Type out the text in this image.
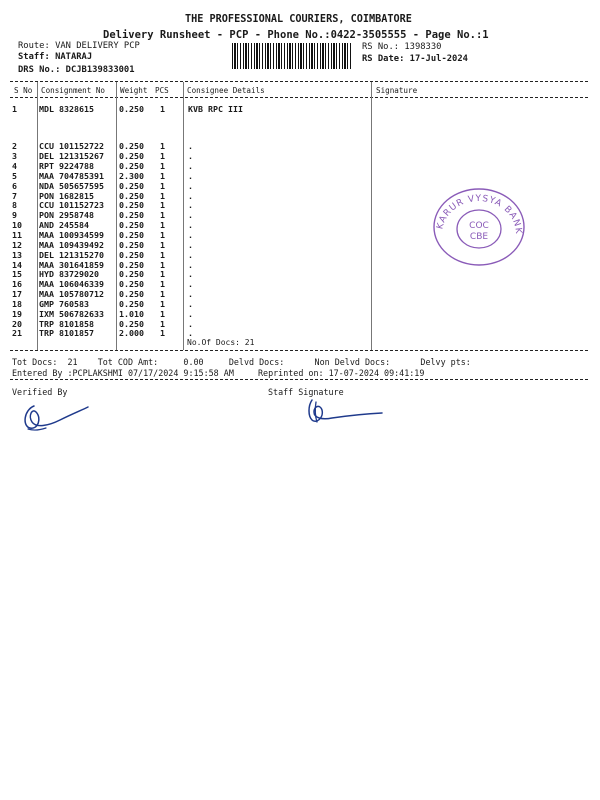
THE PROFESSIONAL COURIERS, COIMBATORE
Delivery Runsheet - PCP - Phone No.:0422-3505555 - Page No.:1
Route: VAN DELIVERY PCP
Staff: NATARAJ
DRS No.: DCJB139833001
RS No.: 1398330
RS Date: 17-Jul-2024
S No Consignment No Weight PCS Consignee Details	Signature
1	MDL 8328615	0.250 1	KVB RPC III
2	CCU 101152722 0.250 1	.
3	DEL 121315267 0.250 1	.
4	RPT 9224788	0.250 1	.
5	MAA 704785391 2.300 1	.
6	NDA 505657595 0.250 1	.
7	PON 1682815	0.250 1	.
8	CCU 101152723 0.250 1	.
9	PON 2958748	0.250 1	.
10 AND 245584	0.250 1	.
11 MAA 100934599 0.250 1	.
12 MAA 109439492 0.250 1	.
13 DEL 121315270 0.250 1	.
14 MAA 301641859 0.250 1	.
15 HYD 83729020 0.250 1	.
16 MAA 106046339 0.250 1	.
17 MAA 105780712 0.250 1	.
18 GMP 760583	0.250 1	.
19 IXM 506782633 1.010 1	.
20 TRP 8101858	0.250 1	.
21 TRP 8101857	2.000 1	.
No.Of Docs: 21
KARUR VYSYA BANK
COC
CBE
Tot Docs:  21    Tot COD Amt:     0.00     Delvd Docs:      Non Delvd Docs:      Delvy pts:
Entered By :PCPLAKSHMI 07/17/2024 9:15:58 AM	Reprinted on: 17-07-2024 09:41:19
Verified By	Staff Signature
